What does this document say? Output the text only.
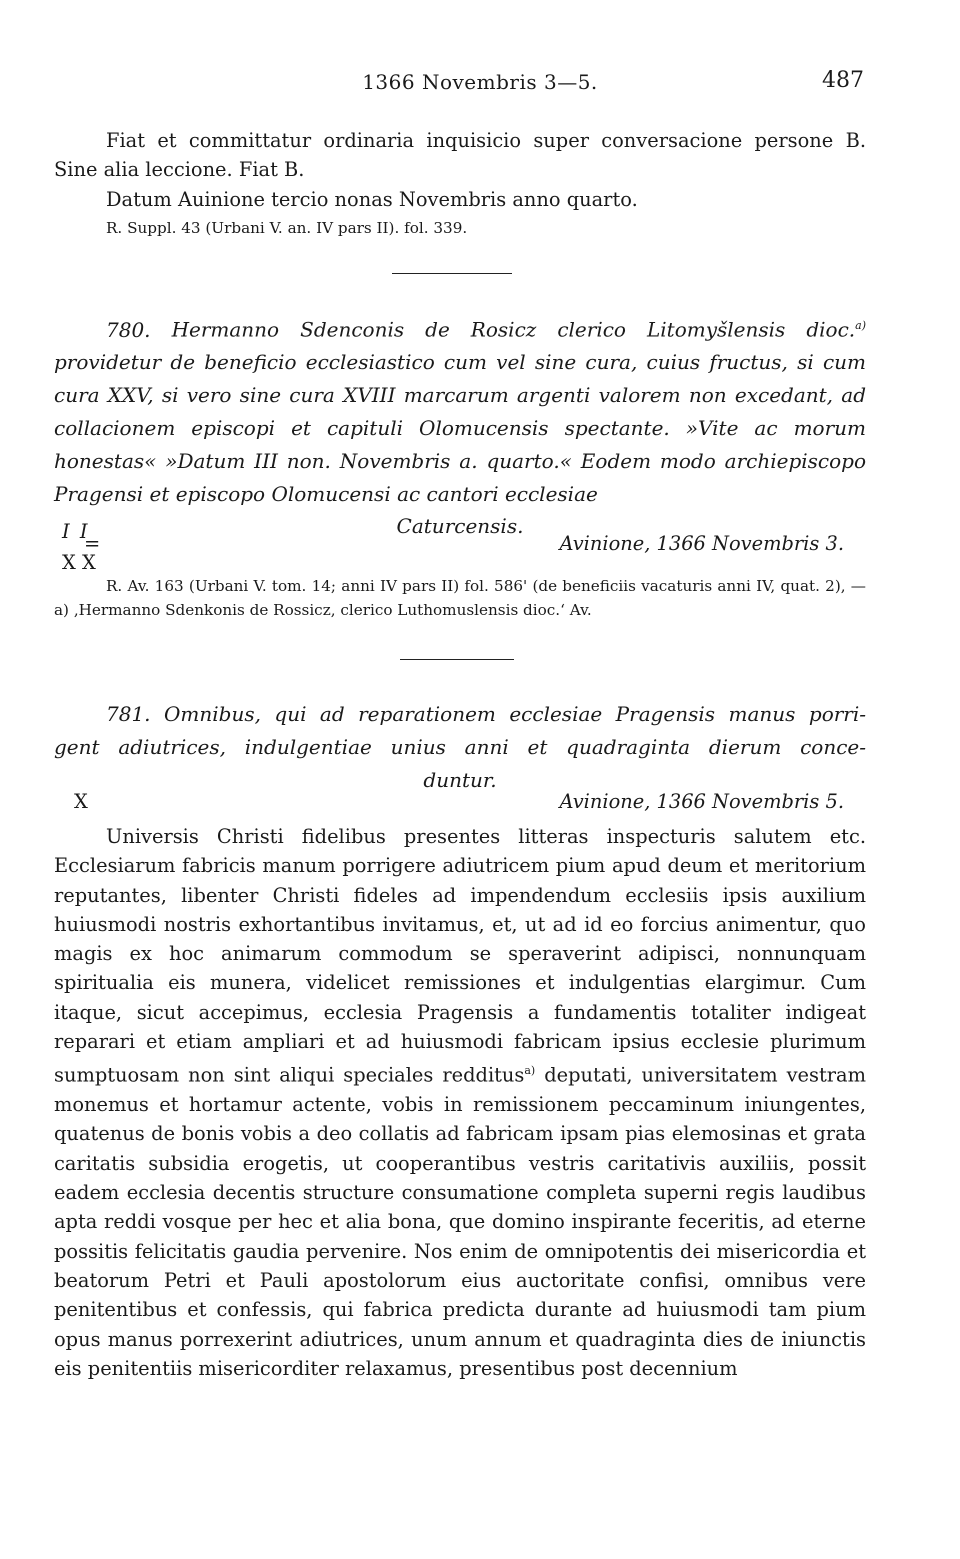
1366 Novembris 3—5.	487

Fiat et committatur ordinaria inquisicio super conversacione persone B. Sine alia leccione. Fiat B.

Datum Auinione tercio nonas Novembris anno quarto.

R. Suppl. 43 (Urbani V. an. IV pars II). fol. 339.

780. Hermanno Sdenconis de Rosicz clerico Litomyšlensis dioc.$^{a)}$ providetur de beneficio ecclesiastico cum vel sine cura, cuius fructus, si cum cura XXV, si vero sine cura XVIII marcarum argenti valorem non excedant, ad collacionem episcopi et capituli Olomucensis spectante. »Vite ac morum honestas« »Datum III non. Novembris a. quarto.« Eodem modo archiepiscopo Pragensi et episcopo Olomucensi ac cantori ecclesiae

Caturcensis.

I I
=
X X
Avinione, 1366 Novembris 3.

R. Av. 163 (Urbani V. tom. 14; anni IV pars II) fol. 586' (de beneficiis vacaturis anni IV, quat. 2), — a) ‚Hermanno Sdenkonis de Rossicz, clerico Luthomuslensis dioc.‘ Av.

781. Omnibus, qui ad reparationem ecclesiae Pragensis manus porri-

gent adiutrices, indulgentiae unius anni et quadraginta dierum conce-

duntur.

X	Avinione, 1366 Novembris 5.

Universis Christi fidelibus presentes litteras inspecturis salutem etc. Ecclesiarum fabricis manum porrigere adiutricem pium apud deum et meritorium reputantes, libenter Christi fideles ad impendendum ecclesiis ipsis auxilium huiusmodi nostris exhortantibus invitamus, et, ut ad id eo forcius animentur, quo magis ex hoc animarum commodum se speraverint adipisci, nonnunquam spiritualia eis munera, videlicet remissiones et indulgentias elargimur. Cum itaque, sicut accepimus, ecclesia Pragensis a fundamentis totaliter indigeat reparari et etiam ampliari et ad huiusmodi fabricam ipsius ecclesie plurimum sumptuosam non sint aliqui speciales redditus$^{a)}$ deputati, universitatem vestram monemus et hortamur actente, vobis in remissionem peccaminum iniungentes, quatenus de bonis vobis a deo collatis ad fabricam ipsam pias elemosinas et grata caritatis subsidia erogetis, ut cooperantibus vestris caritativis auxiliis, possit eadem ecclesia decentis structure consumatione completa superni regis laudibus apta reddi vosque per hec et alia bona, que domino inspirante feceritis, ad eterne possitis felicitatis gaudia pervenire. Nos enim de omnipotentis dei misericordia et beatorum Petri et Pauli apostolorum eius auctoritate confisi, omnibus vere penitentibus et confessis, qui fabrica predicta durante ad huiusmodi tam pium opus manus porrexerint adiutrices, unum annum et quadraginta dies de iniunctis eis penitentiis misericorditer relaxamus, presentibus post decennium
